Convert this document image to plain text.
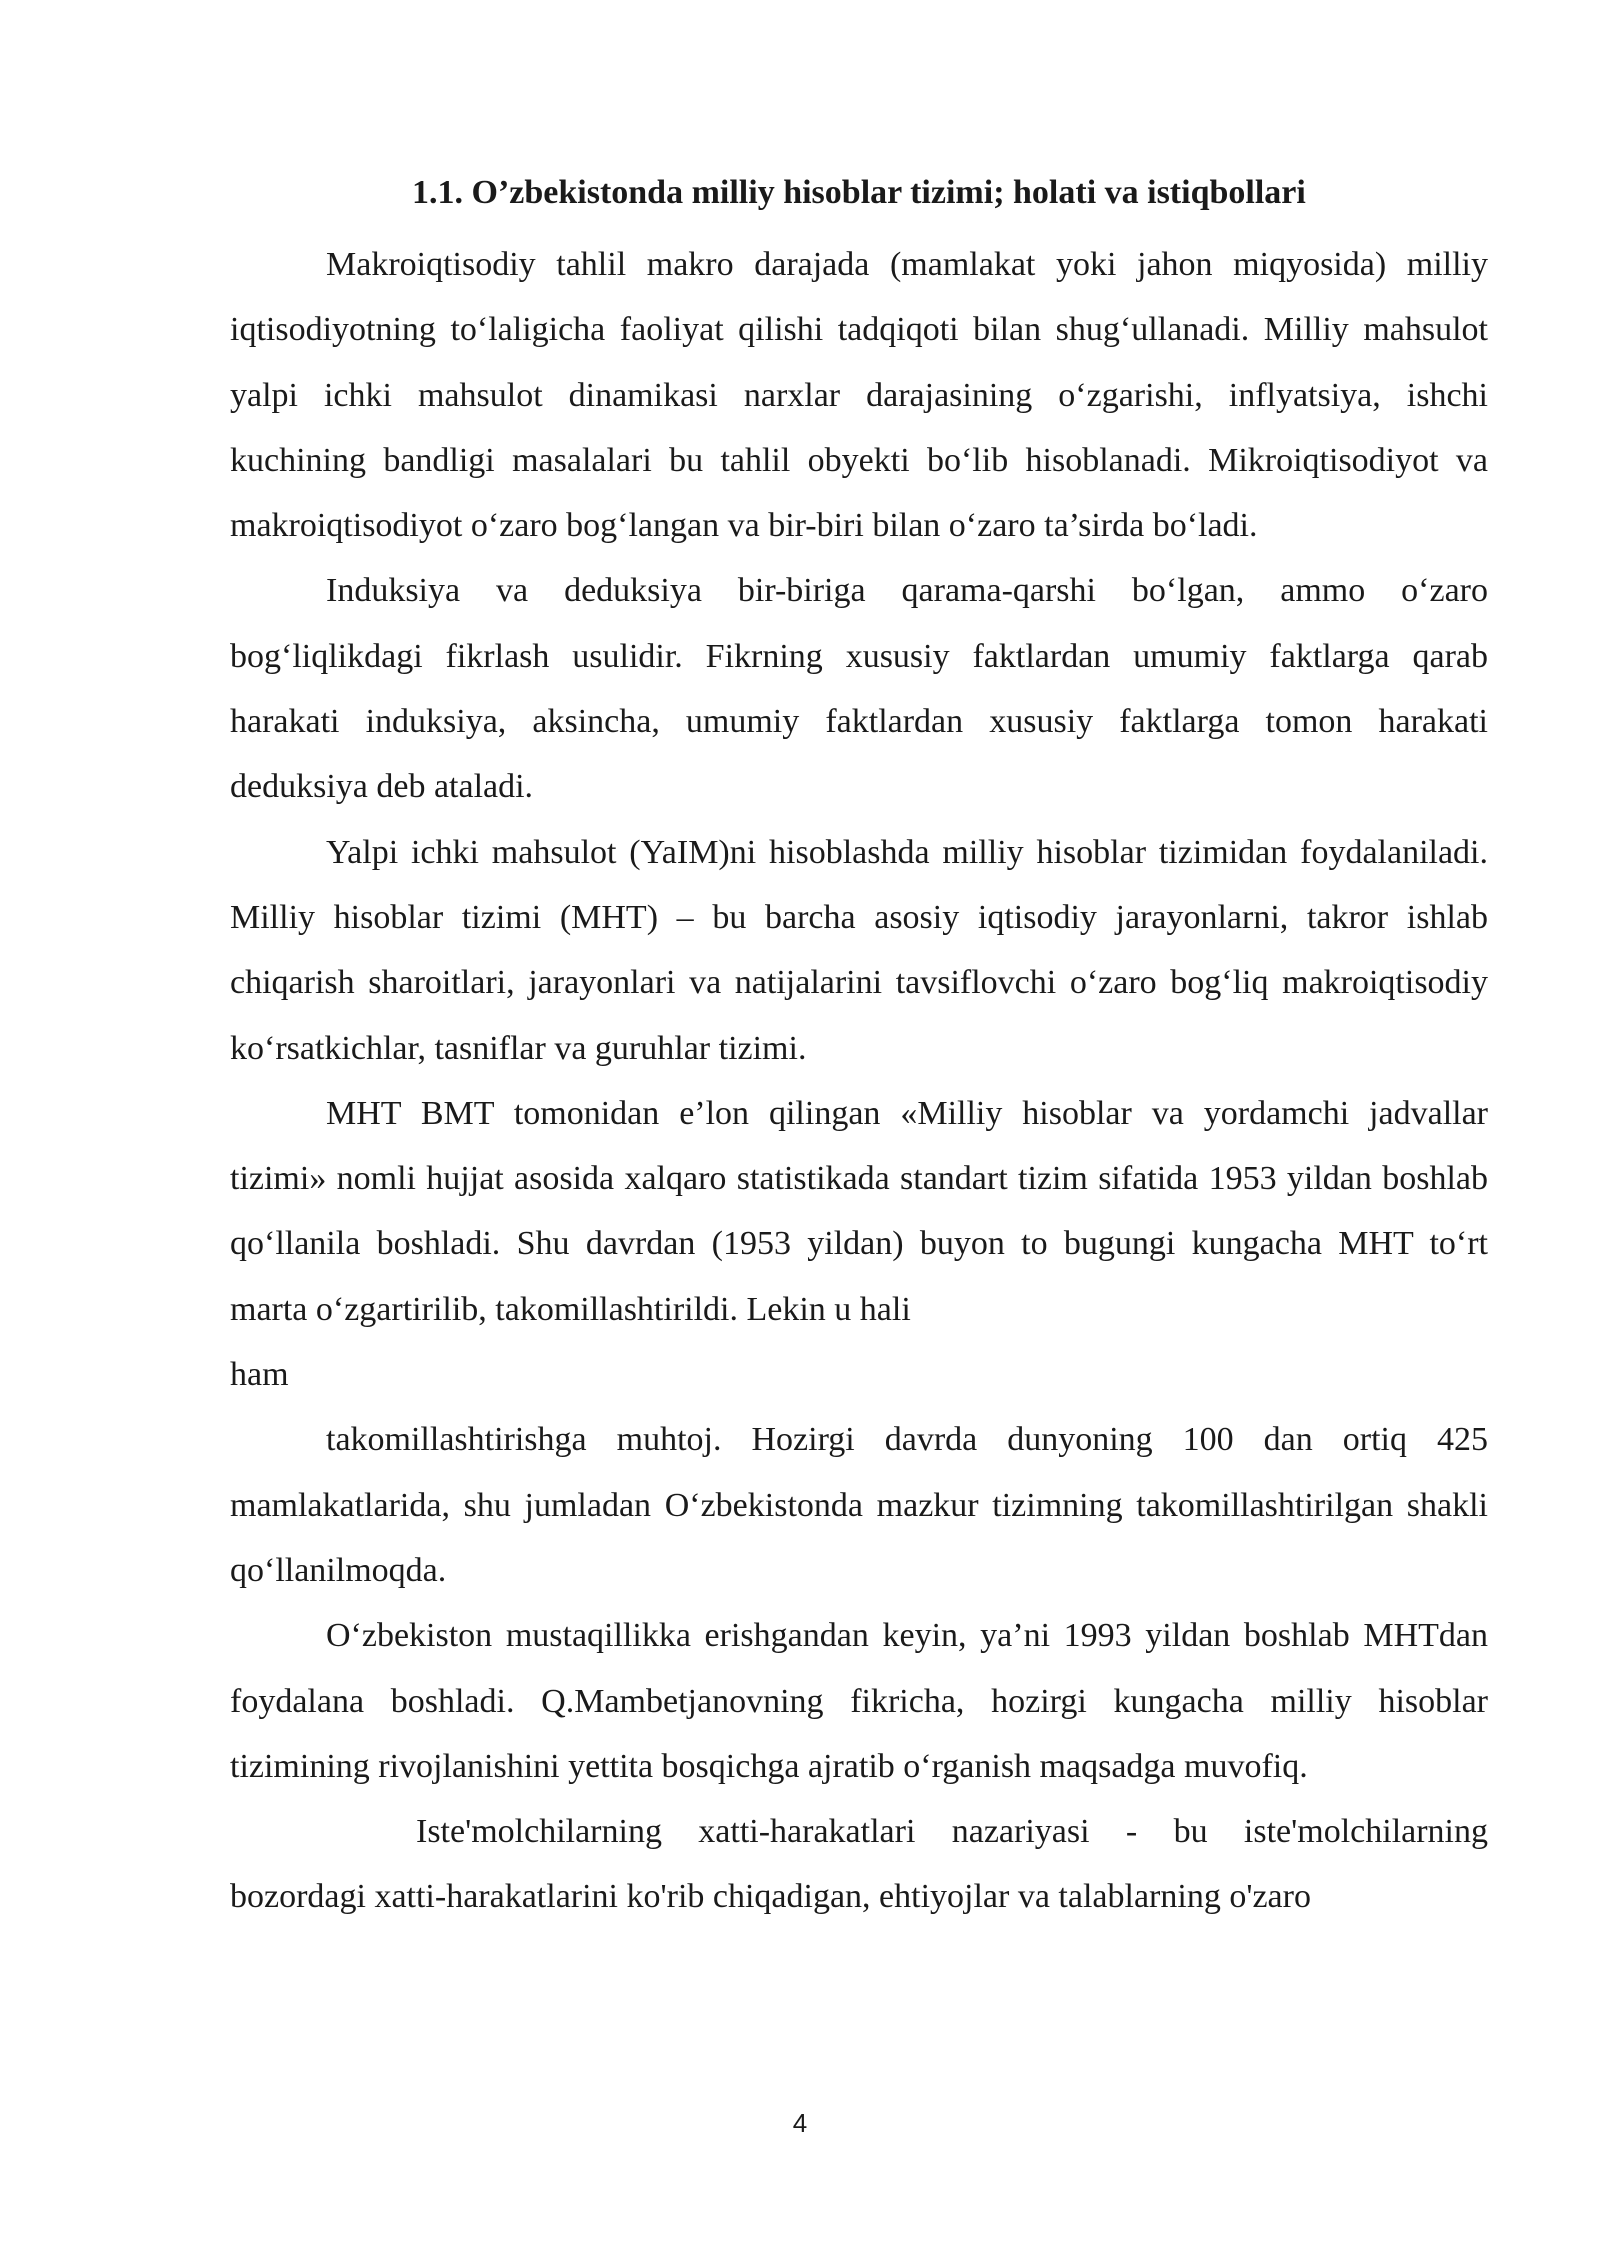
1.1. O’zbekistonda milliy hisoblar tizimi; holati va istiqbollari

Makroiqtisodiy tahlil makro darajada (mamlakat yoki jahon miqyosida) milliy iqtisodiyotning to‘laligicha faoliyat qilishi tadqiqoti bilan shug‘ullanadi. Milliy mahsulot yalpi ichki mahsulot dinamikasi narxlar darajasining o‘zgarishi, inflyatsiya, ishchi kuchining bandligi masalalari bu tahlil obyekti bo‘lib hisoblanadi. Mikroiqtisodiyot va makroiqtisodiyot o‘zaro bog‘langan va bir-biri bilan o‘zaro ta’sirda bo‘ladi.

Induksiya va deduksiya bir-biriga qarama-qarshi bo‘lgan, ammo o‘zaro bog‘liqlikdagi fikrlash usulidir. Fikrning xususiy faktlardan umumiy faktlarga qarab harakati induksiya, aksincha, umumiy faktlardan xususiy faktlarga tomon harakati deduksiya deb ataladi.

Yalpi ichki mahsulot (YaIM)ni hisoblashda milliy hisoblar tizimidan foydalaniladi. Milliy hisoblar tizimi (MHT) – bu barcha asosiy iqtisodiy jarayonlarni, takror ishlab chiqarish sharoitlari, jarayonlari va natijalarini tavsiflovchi o‘zaro bog‘liq makroiqtisodiy ko‘rsatkichlar, tasniflar va guruhlar tizimi.

MHT BMT tomonidan e’lon qilingan «Milliy hisoblar va yordamchi jadvallar tizimi» nomli hujjat asosida xalqaro statistikada standart tizim sifatida 1953 yildan boshlab qo‘llanila boshladi. Shu davrdan (1953 yildan) buyon to bugungi kungacha MHT to‘rt marta o‘zgartirilib, takomillashtirildi. Lekin u hali

ham

takomillashtirishga muhtoj. Hozirgi davrda dunyoning 100 dan ortiq 425 mamlakatlarida, shu jumladan O‘zbekistonda mazkur tizimning takomillashtirilgan shakli qo‘llanilmoqda.

O‘zbekiston mustaqillikka erishgandan keyin, ya’ni 1993 yildan boshlab MHTdan foydalana boshladi. Q.Mambetjanovning fikricha, hozirgi kungacha milliy hisoblar tizimining rivojlanishini yettita bosqichga ajratib o‘rganish maqsadga muvofiq.

Iste'molchilarning xatti-harakatlari nazariyasi - bu iste'molchilarning bozordagi xatti-harakatlarini ko'rib chiqadigan, ehtiyojlar va talablarning o'zaro

4
